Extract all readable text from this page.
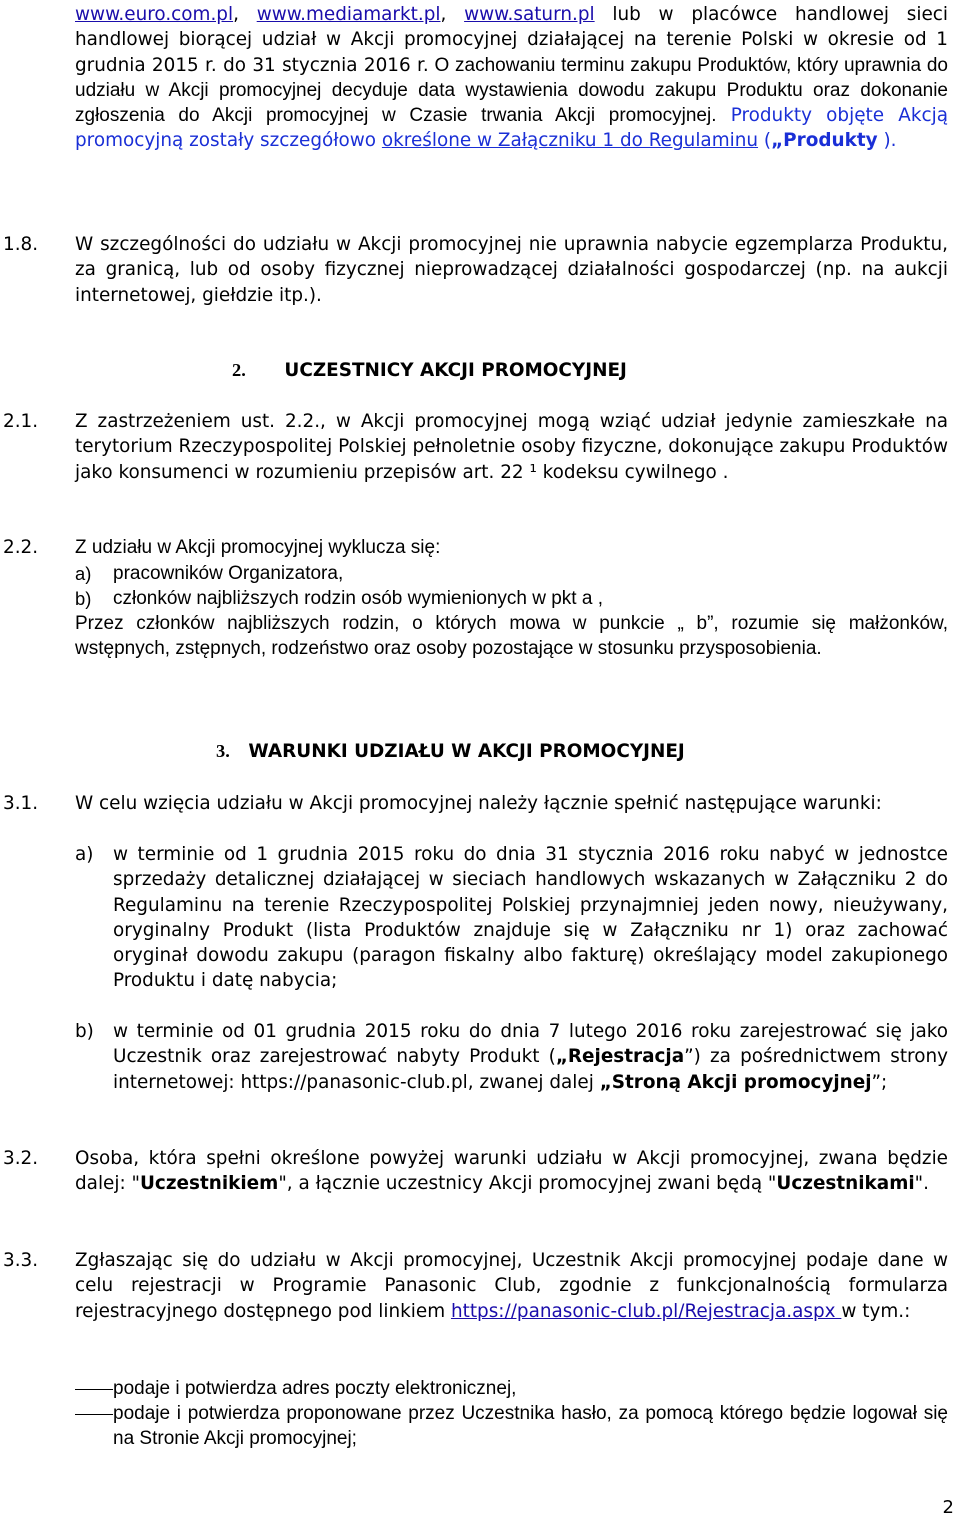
www.euro.com.pl, www.mediamarkt.pl, www.saturn.pl lub w placówce handlowej sieci handlowej biorącej udział w Akcji promocyjnej działającej na terenie Polski w okresie od 1 grudnia 2015 r. do 31 stycznia 2016 r. O zachowaniu terminu zakupu Produktów, który uprawnia do udziału w Akcji promocyjnej decyduje data wystawienia dowodu zakupu Produktu oraz dokonanie zgłoszenia do Akcji promocyjnej w Czasie trwania Akcji promocyjnej. Produkty objęte Akcją promocyjną zostały szczegółowo określone w Załączniku 1 do Regulaminu („Produkty ).
1.8. W szczególności do udziału w Akcji promocyjnej nie uprawnia nabycie egzemplarza Produktu, za granicą, lub od osoby fizycznej nieprowadzącej działalności gospodarczej (np. na aukcji internetowej, giełdzie itp.).
2. UCZESTNICY AKCJI PROMOCYJNEJ
2.1. Z zastrzeżeniem ust. 2.2., w Akcji promocyjnej mogą wziąć udział jedynie zamieszkałe na terytorium Rzeczypospolitej Polskiej pełnoletnie osoby fizyczne, dokonujące zakupu Produktów jako konsumenci w rozumieniu przepisów art. 22 ¹ kodeksu cywilnego .
2.2. Z udziału w Akcji promocyjnej wyklucza się:
a) pracowników Organizatora,
b) członków najbliższych rodzin osób wymienionych w pkt a ,
Przez członków najbliższych rodzin, o których mowa w punkcie „ b”, rozumie się małżonków, wstępnych, zstępnych, rodzeństwo oraz osoby pozostające w stosunku przysposobienia.
3. WARUNKI UDZIAŁU W AKCJI PROMOCYJNEJ
3.1. W celu wzięcia udziału w Akcji promocyjnej należy łącznie spełnić następujące warunki:
a) w terminie od 1 grudnia 2015 roku do dnia 31 stycznia 2016 roku nabyć w jednostce sprzedaży detalicznej działającej w sieciach handlowych wskazanych w Załączniku 2 do Regulaminu na terenie Rzeczypospolitej Polskiej przynajmniej jeden nowy, nieużywany, oryginalny Produkt (lista Produktów znajduje się w Załączniku nr 1) oraz zachować oryginał dowodu zakupu (paragon fiskalny albo fakturę) określający model zakupionego Produktu i datę nabycia;
b) w terminie od 01 grudnia 2015 roku do dnia 7 lutego 2016 roku zarejestrować się jako Uczestnik oraz zarejestrować nabyty Produkt („Rejestracja”) za pośrednictwem strony internetowej: https://panasonic-club.pl, zwanej dalej „Stroną Akcji promocyjnej”;
3.2. Osoba, która spełni określone powyżej warunki udziału w Akcji promocyjnej, zwana będzie dalej: "Uczestnikiem", a łącznie uczestnicy Akcji promocyjnej zwani będą "Uczestnikami".
3.3. Zgłaszając się do udziału w Akcji promocyjnej, Uczestnik Akcji promocyjnej podaje dane w celu rejestracji w Programie Panasonic Club, zgodnie z funkcjonalnością formularza rejestracyjnego dostępnego pod linkiem https://panasonic-club.pl/Rejestracja.aspx w tym.:
podaje i potwierdza adres poczty elektronicznej,
podaje i potwierdza proponowane przez Uczestnika hasło, za pomocą którego będzie logował się na Stronie Akcji promocyjnej;
2
